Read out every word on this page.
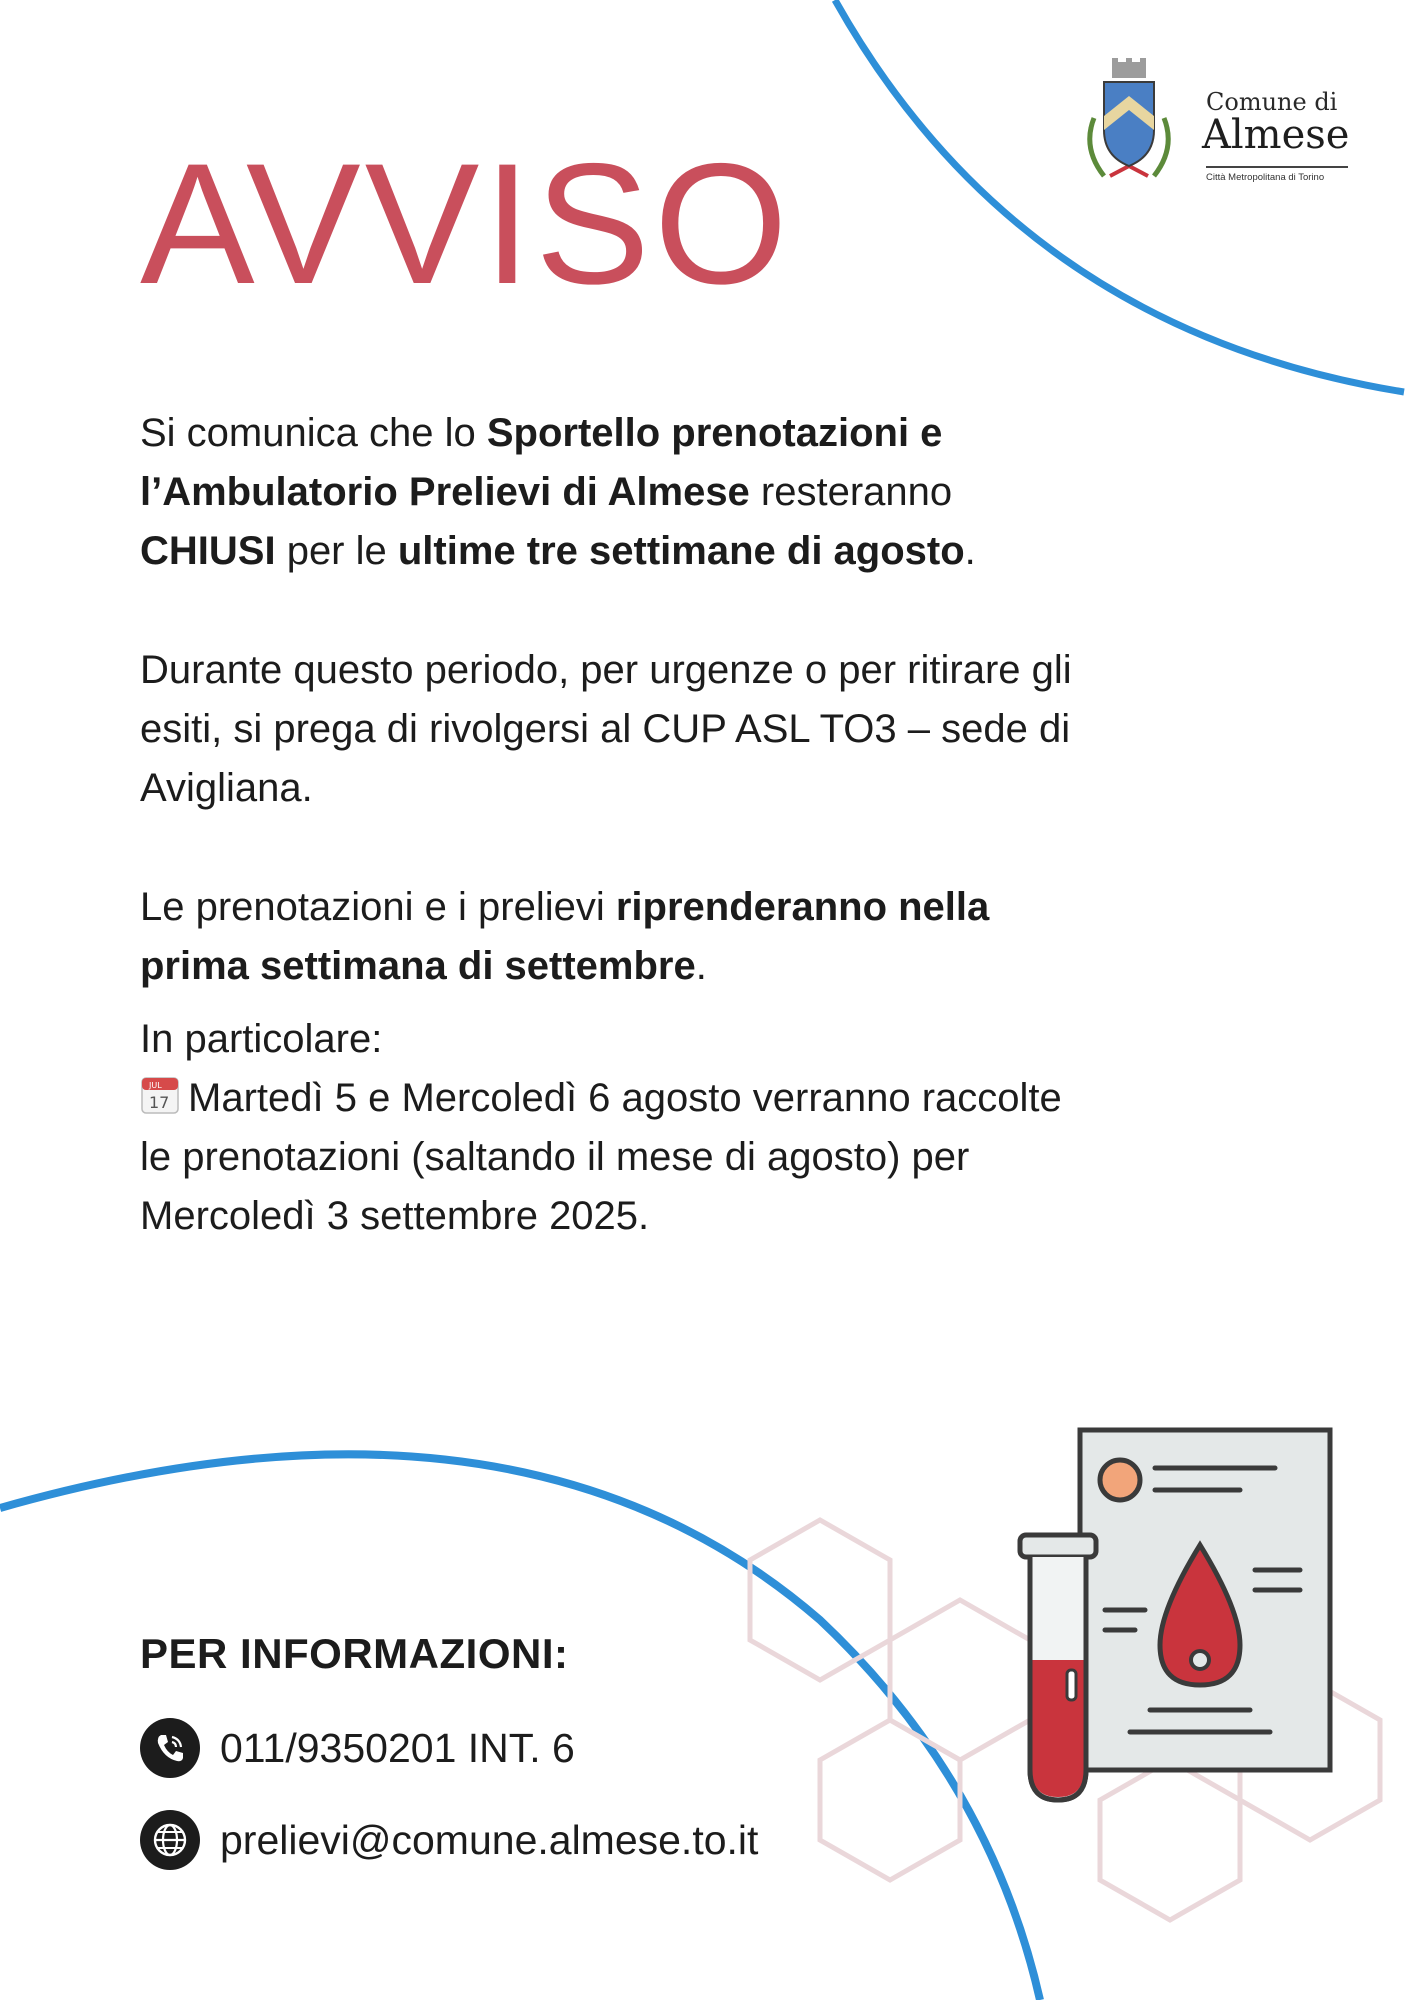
Comune di
Almese
Città Metropolitana di Torino
AVVISO

Si comunica che lo Sportello prenotazioni e l’Ambulatorio Prelievi di Almese resteranno CHIUSI per le ultime tre settimane di agosto.

Durante questo periodo, per urgenze o per ritirare gli esiti, si prega di rivolgersi al CUP ASL TO3 – sede di Avigliana.

Le prenotazioni e i prelievi riprenderanno nella prima settimana di settembre.

In particolare:

JUL
17 Martedì 5 e Mercoledì 6 agosto verranno raccolte le prenotazioni (saltando il mese di agosto) per Mercoledì 3 settembre 2025.

PER INFORMAZIONI:
011/9350201 INT. 6
prelievi@comune.almese.to.it
